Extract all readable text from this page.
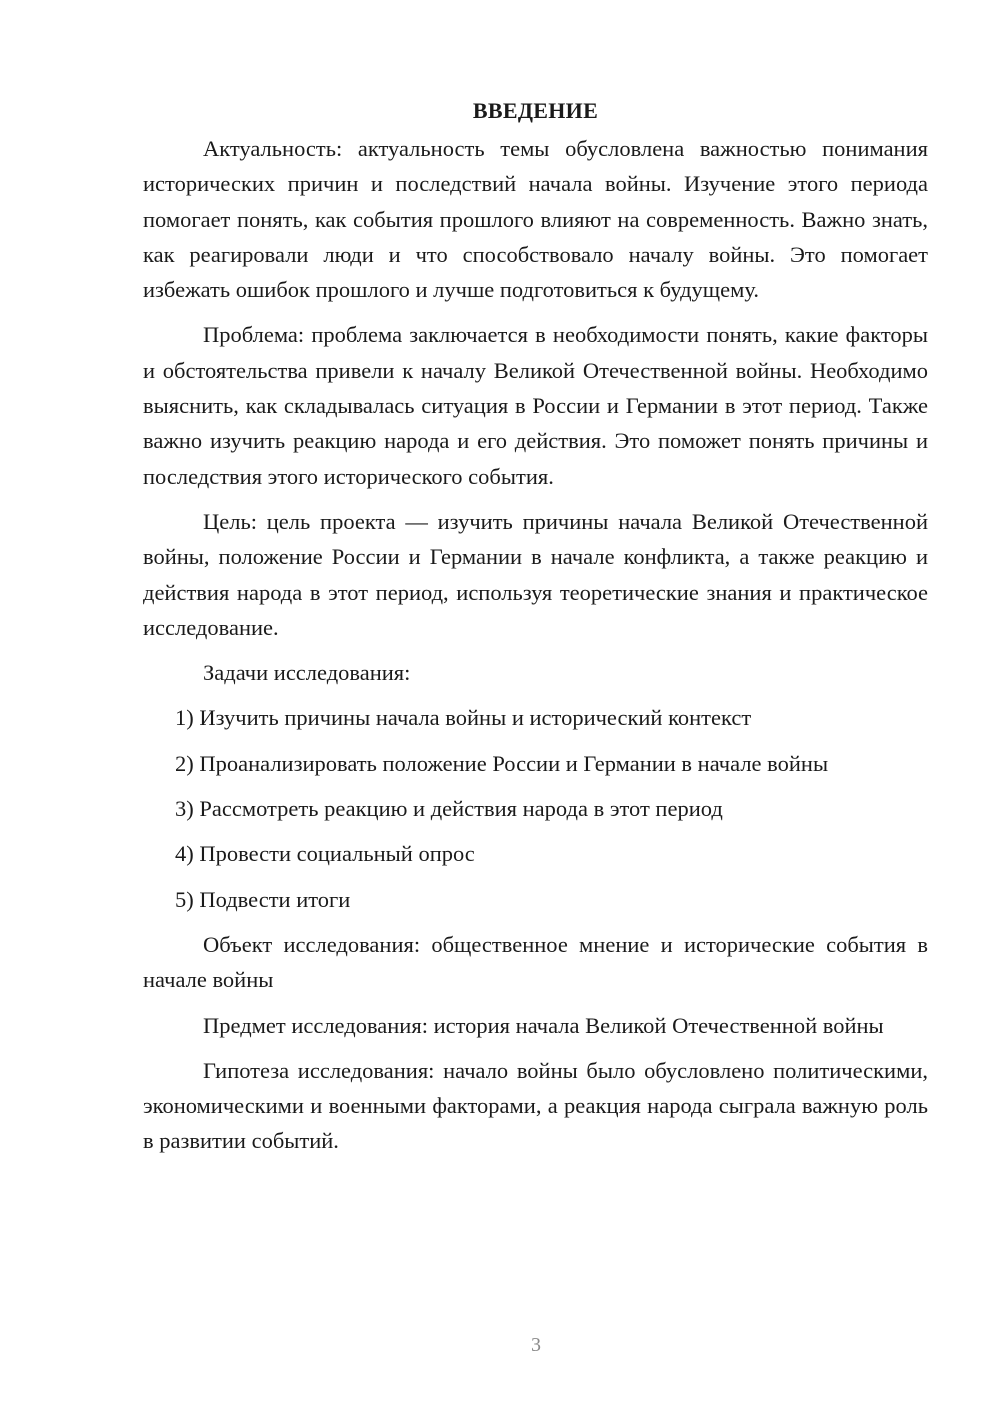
ВВЕДЕНИЕ

Актуальность: актуальность темы обусловлена важностью понимания исторических причин и последствий начала войны. Изучение этого периода помогает понять, как события прошлого влияют на современность. Важно знать, как реагировали люди и что способствовало началу войны. Это помогает избежать ошибок прошлого и лучше подготовиться к будущему.

Проблема: проблема заключается в необходимости понять, какие факторы и обстоятельства привели к началу Великой Отечественной войны. Необходимо выяснить, как складывалась ситуация в России и Германии в этот период. Также важно изучить реакцию народа и его действия. Это поможет понять причины и последствия этого исторического события.

Цель: цель проекта — изучить причины начала Великой Отечественной войны, положение России и Германии в начале конфликта, а также реакцию и действия народа в этот период, используя теоретические знания и практическое исследование.

Задачи исследования:

1) Изучить причины начала войны и исторический контекст
2) Проанализировать положение России и Германии в начале войны
3) Рассмотреть реакцию и действия народа в этот период
4) Провести социальный опрос
5) Подвести итоги

Объект исследования: общественное мнение и исторические события в начале войны

Предмет исследования: история начала Великой Отечественной войны

Гипотеза исследования: начало войны было обусловлено политическими, экономическими и военными факторами, а реакция народа сыграла важную роль в развитии событий.

3
